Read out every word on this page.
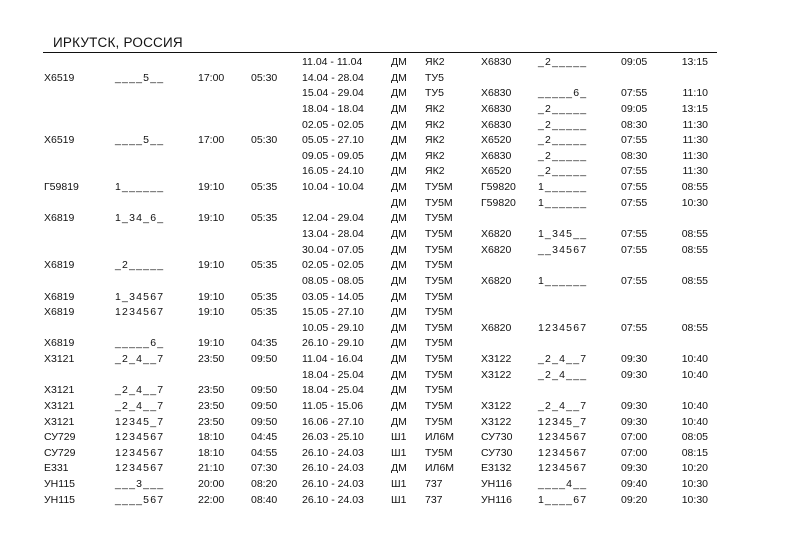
ИРКУТСК, РОССИЯ
11.04 - 11.04	ДМ ЯК2	Х6830	_2_____	09:05	13:15
Х6519	____5__	17:00	05:30 14.04 - 28.04	ДМ ТУ5
15.04 - 29.04	ДМ ТУ5	Х6830	_____6_	07:55	11:10
18.04 - 18.04	ДМ ЯК2	Х6830	_2_____	09:05	13:15
02.05 - 02.05	ДМ ЯК2	Х6830	_2_____	08:30	11:30
Х6519	____5__	17:00	05:30 05.05 - 27.10	ДМ ЯК2	Х6520	_2_____	07:55	11:30
09.05 - 09.05	ДМ ЯК2	Х6830	_2_____	08:30	11:30
16.05 - 24.10	ДМ ЯК2	Х6520	_2_____	07:55	11:30
Г59819	1______	19:10	05:35 10.04 - 10.04	ДМ ТУ5М	Г59820 1______	07:55	08:55
ДМ ТУ5М	Г59820 1______	07:55	10:30
Х6819	1_34_6_	19:10	05:35 12.04 - 29.04	ДМ ТУ5М
13.04 - 28.04	ДМ ТУ5М	Х6820	1_345__	07:55	08:55
30.04 - 07.05	ДМ ТУ5М	Х6820	__34567	07:55	08:55
Х6819	_2_____	19:10	05:35 02.05 - 02.05	ДМ ТУ5М
08.05 - 08.05	ДМ ТУ5М	Х6820	1______	07:55	08:55
Х6819	1_34567	19:10	05:35 03.05 - 14.05	ДМ ТУ5М
Х6819	1234567	19:10	05:35 15.05 - 27.10	ДМ ТУ5М
10.05 - 29.10	ДМ ТУ5М	Х6820	1234567	07:55	08:55
Х6819	_____6_	19:10	04:35 26.10 - 29.10	ДМ ТУ5М
Х3121	_2_4__7	23:50	09:50 11.04 - 16.04	ДМ ТУ5М	Х3122	_2_4__7	09:30	10:40
18.04 - 25.04	ДМ ТУ5М	Х3122	_2_4___	09:30	10:40
Х3121	_2_4__7	23:50	09:50 18.04 - 25.04	ДМ ТУ5М
Х3121	_2_4__7	23:50	09:50 11.05 - 15.06	ДМ ТУ5М	Х3122	_2_4__7	09:30	10:40
Х3121	12345_7	23:50	09:50 16.06 - 27.10	ДМ ТУ5М	Х3122	12345_7	09:30	10:40
СУ729	1234567	18:10	04:45 26.03 - 25.10	Ш1 ИЛ6М	СУ730 1234567	07:00	08:05
СУ729	1234567	18:10	04:55 26.10 - 24.03	Ш1 ТУ5М	СУ730 1234567	07:00	08:15
Е331	1234567	21:10	07:30 26.10 - 24.03	ДМ ИЛ6М	Е3132	1234567	09:30	10:20
УН115	___3___	20:00	08:20 26.10 - 24.03	Ш1 737	УН116 ____4__	09:40	10:30
УН115	____567	22:00	08:40 26.10 - 24.03	Ш1 737	УН116 1____67	09:20	10:30
